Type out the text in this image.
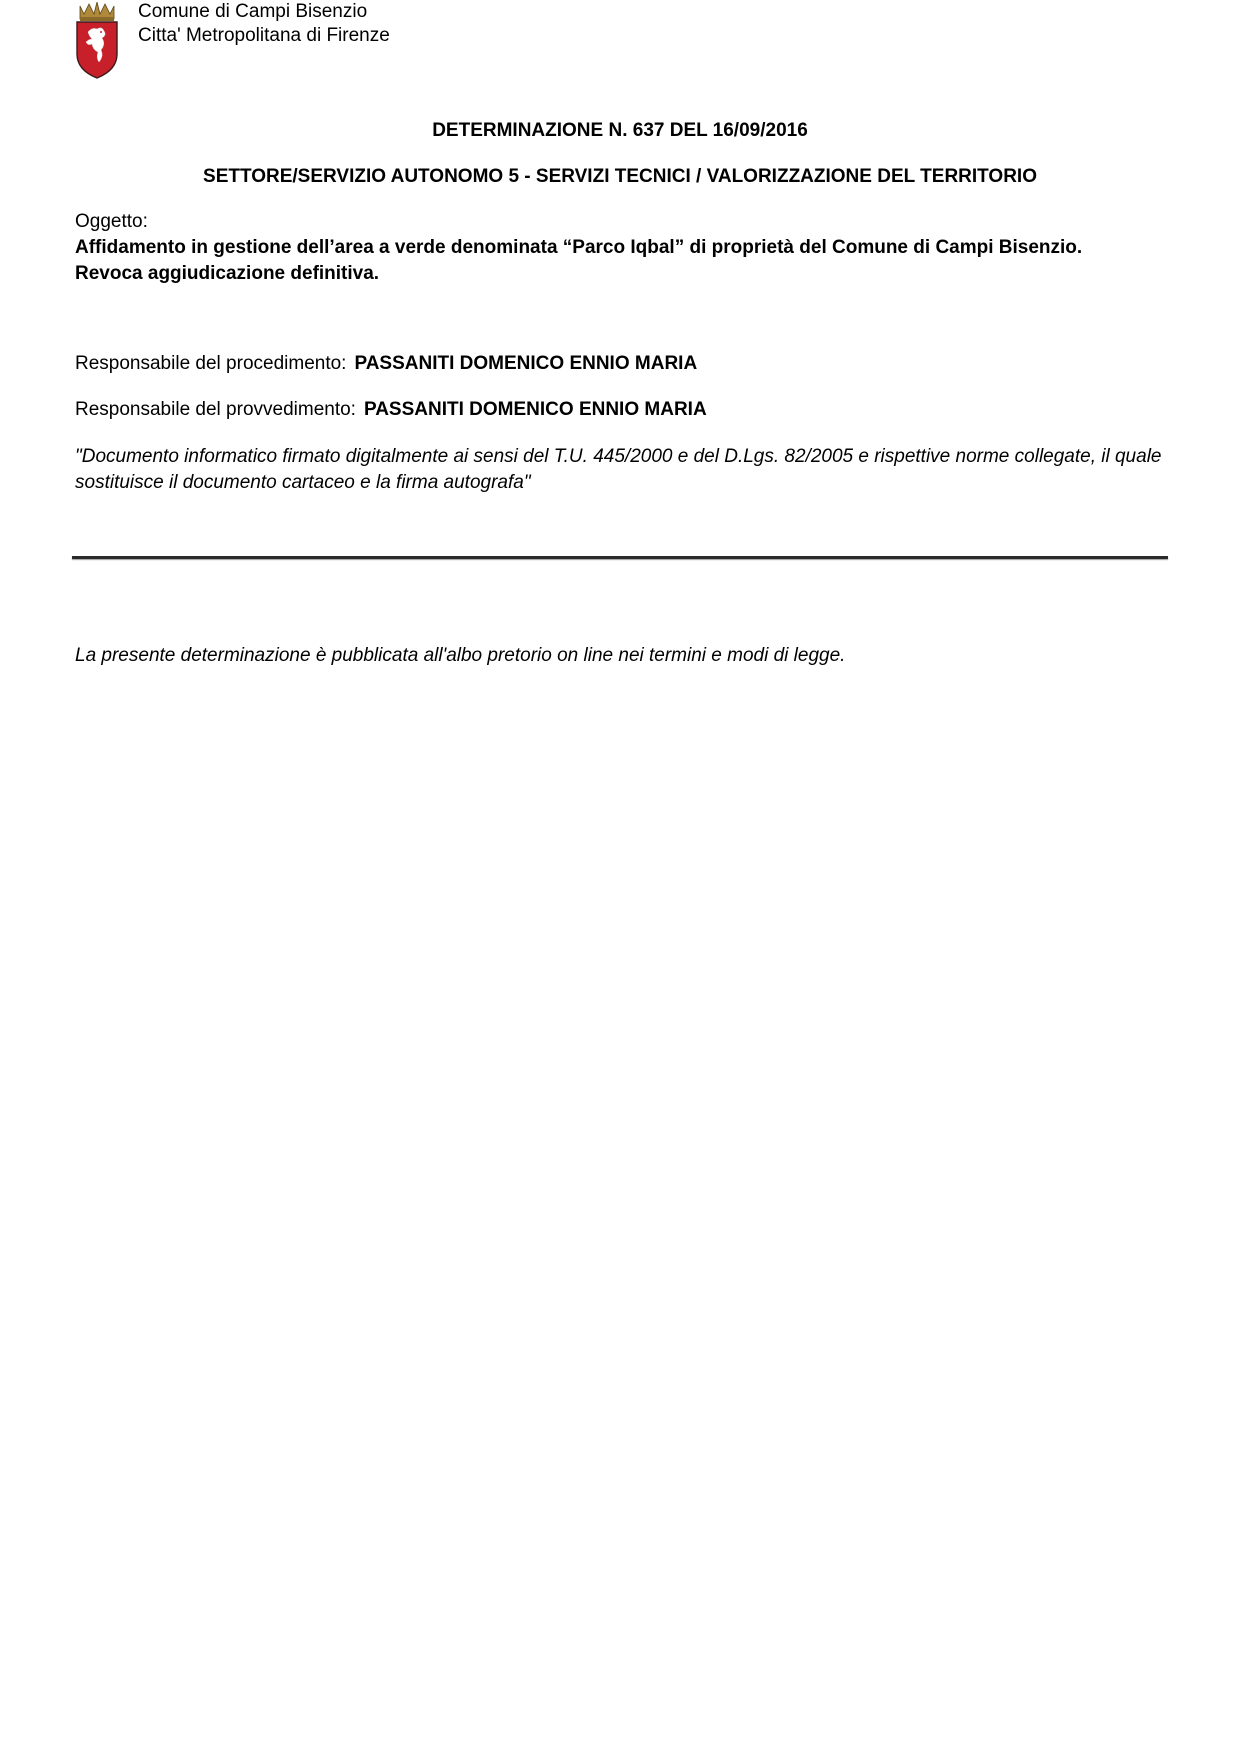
Comune di Campi Bisenzio
Citta' Metropolitana di Firenze
DETERMINAZIONE N. 637 DEL 16/09/2016
SETTORE/SERVIZIO AUTONOMO 5 - SERVIZI TECNICI / VALORIZZAZIONE DEL TERRITORIO
Oggetto:
Affidamento in gestione dell’area a verde denominata “Parco Iqbal” di proprietà del Comune di Campi Bisenzio. Revoca aggiudicazione definitiva.
Responsabile del procedimento: PASSANITI DOMENICO ENNIO MARIA
Responsabile del provvedimento: PASSANITI DOMENICO ENNIO MARIA
"Documento informatico firmato digitalmente ai sensi del T.U. 445/2000 e del D.Lgs. 82/2005 e rispettive norme collegate, il quale sostituisce il documento cartaceo e la firma autografa"
La presente determinazione è pubblicata all'albo pretorio on line nei termini e modi di legge.
